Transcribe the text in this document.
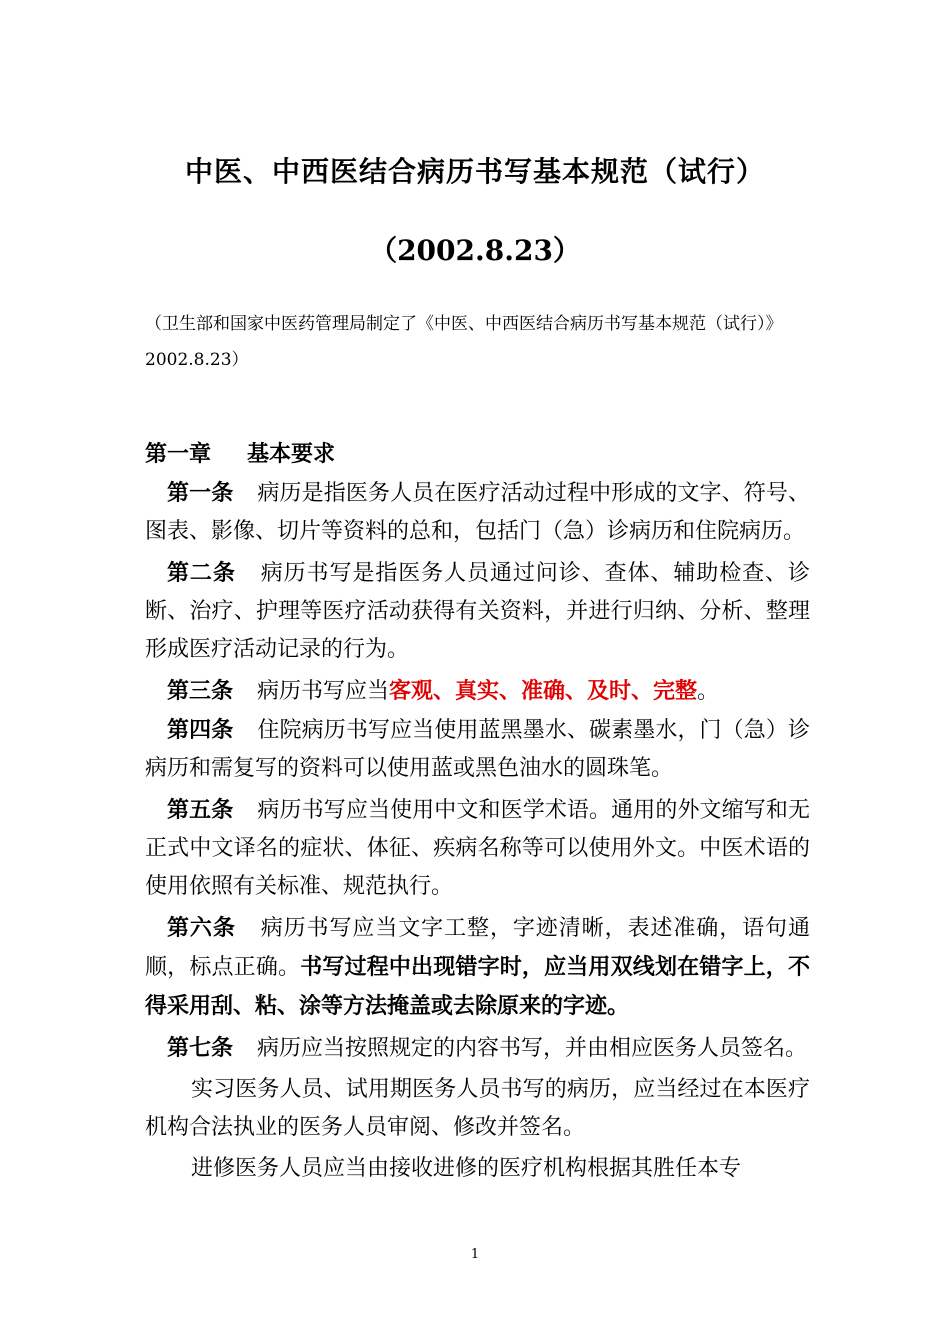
中医、中西医结合病历书写基本规范（试行）
（2002.8.23）
（卫生部和国家中医药管理局制定了《中医、中西医结合病历书写基本规范（试行）》2002.8.23）
第一章 基本要求

第一条 病历是指医务人员在医疗活动过程中形成的文字、符号、图表、影像、切片等资料的总和，包括门（急）诊病历和住院病历。

第二条 病历书写是指医务人员通过问诊、查体、辅助检查、诊断、治疗、护理等医疗活动获得有关资料，并进行归纳、分析、整理形成医疗活动记录的行为。

第三条 病历书写应当客观、真实、准确、及时、完整。

第四条 住院病历书写应当使用蓝黑墨水、碳素墨水，门（急）诊病历和需复写的资料可以使用蓝或黑色油水的圆珠笔。

第五条 病历书写应当使用中文和医学术语。通用的外文缩写和无正式中文译名的症状、体征、疾病名称等可以使用外文。中医术语的使用依照有关标准、规范执行。

第六条 病历书写应当文字工整，字迹清晰，表述准确，语句通顺，标点正确。书写过程中出现错字时，应当用双线划在错字上，不得采用刮、粘、涂等方法掩盖或去除原来的字迹。

第七条 病历应当按照规定的内容书写，并由相应医务人员签名。

实习医务人员、试用期医务人员书写的病历，应当经过在本医疗机构合法执业的医务人员审阅、修改并签名。

进修医务人员应当由接收进修的医疗机构根据其胜任本专

1
